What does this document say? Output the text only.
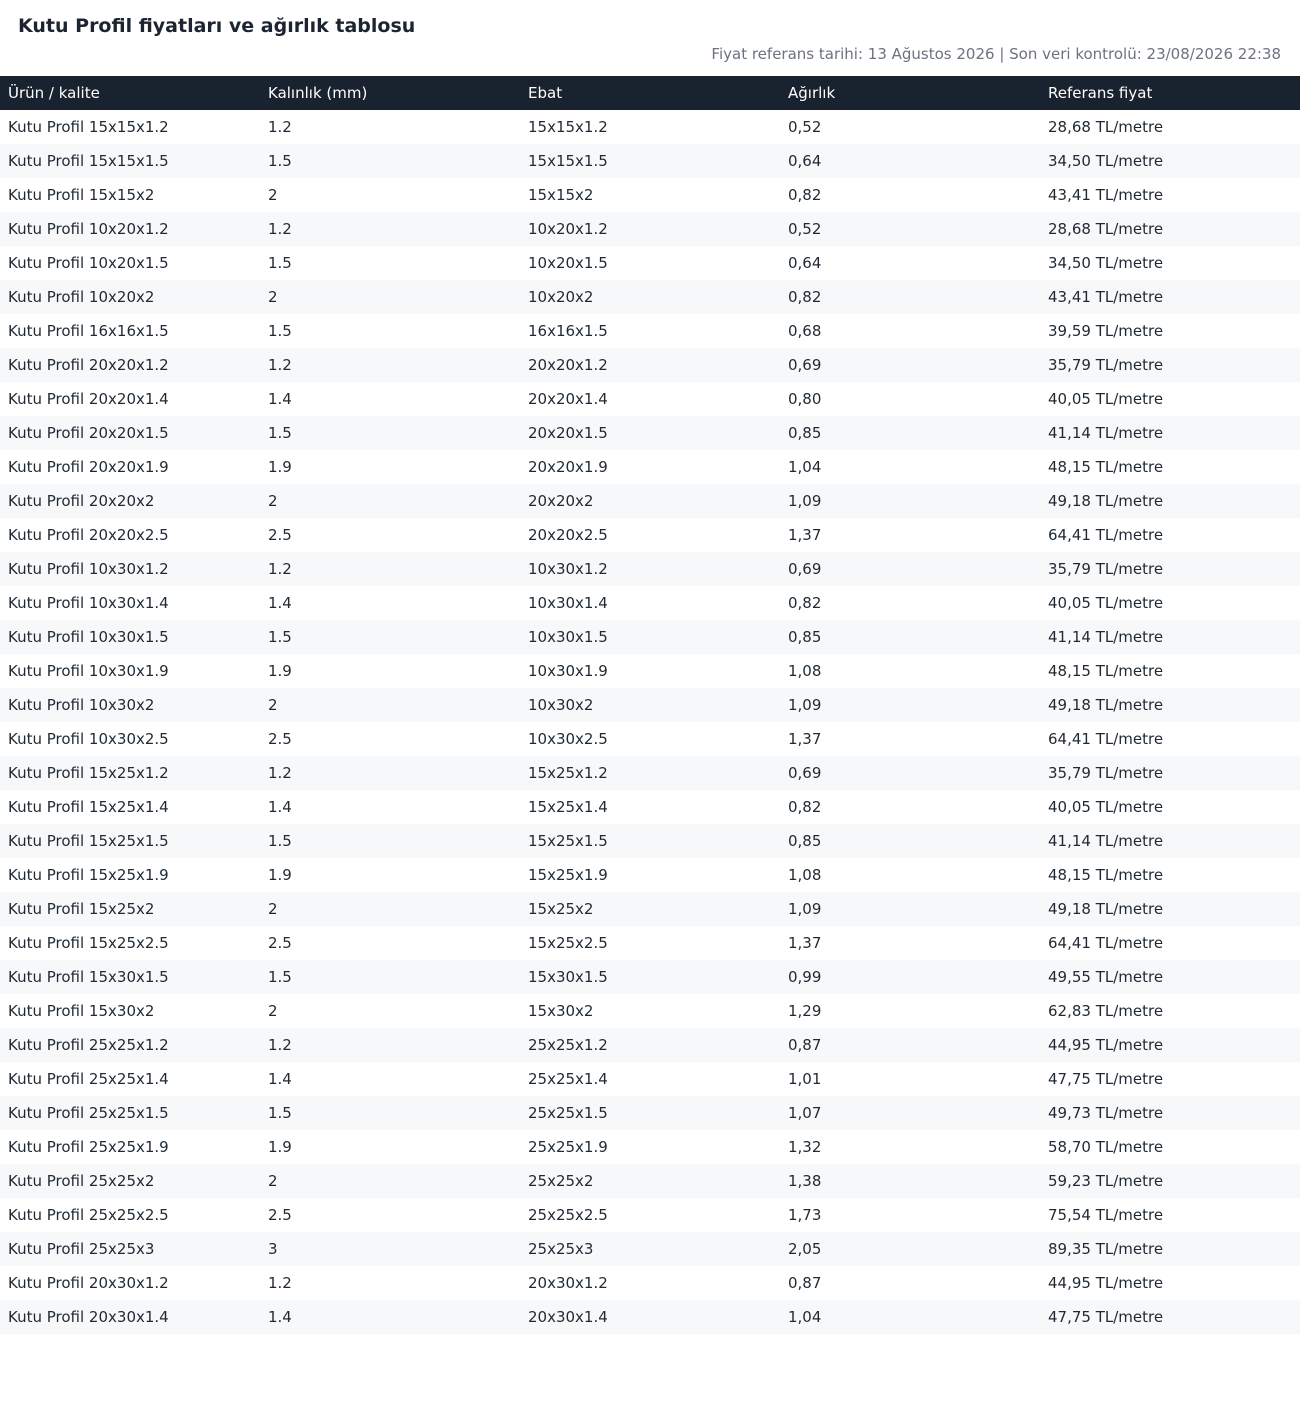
Kutu Profil fiyatları ve ağırlık tablosu
Fiyat referans tarihi: 13 Ağustos 2026 | Son veri kontrolü: 23/08/2026 22:38
Ürün / kalite	Kalınlık (mm)	Ebat	Ağırlık	Referans fiyat
Kutu Profil 15x15x1.2	1.2	15x15x1.2	0,52	28,68 TL/metre
Kutu Profil 15x15x1.5	1.5	15x15x1.5	0,64	34,50 TL/metre
Kutu Profil 15x15x2	2	15x15x2	0,82	43,41 TL/metre
Kutu Profil 10x20x1.2	1.2	10x20x1.2	0,52	28,68 TL/metre
Kutu Profil 10x20x1.5	1.5	10x20x1.5	0,64	34,50 TL/metre
Kutu Profil 10x20x2	2	10x20x2	0,82	43,41 TL/metre
Kutu Profil 16x16x1.5	1.5	16x16x1.5	0,68	39,59 TL/metre
Kutu Profil 20x20x1.2	1.2	20x20x1.2	0,69	35,79 TL/metre
Kutu Profil 20x20x1.4	1.4	20x20x1.4	0,80	40,05 TL/metre
Kutu Profil 20x20x1.5	1.5	20x20x1.5	0,85	41,14 TL/metre
Kutu Profil 20x20x1.9	1.9	20x20x1.9	1,04	48,15 TL/metre
Kutu Profil 20x20x2	2	20x20x2	1,09	49,18 TL/metre
Kutu Profil 20x20x2.5	2.5	20x20x2.5	1,37	64,41 TL/metre
Kutu Profil 10x30x1.2	1.2	10x30x1.2	0,69	35,79 TL/metre
Kutu Profil 10x30x1.4	1.4	10x30x1.4	0,82	40,05 TL/metre
Kutu Profil 10x30x1.5	1.5	10x30x1.5	0,85	41,14 TL/metre
Kutu Profil 10x30x1.9	1.9	10x30x1.9	1,08	48,15 TL/metre
Kutu Profil 10x30x2	2	10x30x2	1,09	49,18 TL/metre
Kutu Profil 10x30x2.5	2.5	10x30x2.5	1,37	64,41 TL/metre
Kutu Profil 15x25x1.2	1.2	15x25x1.2	0,69	35,79 TL/metre
Kutu Profil 15x25x1.4	1.4	15x25x1.4	0,82	40,05 TL/metre
Kutu Profil 15x25x1.5	1.5	15x25x1.5	0,85	41,14 TL/metre
Kutu Profil 15x25x1.9	1.9	15x25x1.9	1,08	48,15 TL/metre
Kutu Profil 15x25x2	2	15x25x2	1,09	49,18 TL/metre
Kutu Profil 15x25x2.5	2.5	15x25x2.5	1,37	64,41 TL/metre
Kutu Profil 15x30x1.5	1.5	15x30x1.5	0,99	49,55 TL/metre
Kutu Profil 15x30x2	2	15x30x2	1,29	62,83 TL/metre
Kutu Profil 25x25x1.2	1.2	25x25x1.2	0,87	44,95 TL/metre
Kutu Profil 25x25x1.4	1.4	25x25x1.4	1,01	47,75 TL/metre
Kutu Profil 25x25x1.5	1.5	25x25x1.5	1,07	49,73 TL/metre
Kutu Profil 25x25x1.9	1.9	25x25x1.9	1,32	58,70 TL/metre
Kutu Profil 25x25x2	2	25x25x2	1,38	59,23 TL/metre
Kutu Profil 25x25x2.5	2.5	25x25x2.5	1,73	75,54 TL/metre
Kutu Profil 25x25x3	3	25x25x3	2,05	89,35 TL/metre
Kutu Profil 20x30x1.2	1.2	20x30x1.2	0,87	44,95 TL/metre
Kutu Profil 20x30x1.4	1.4	20x30x1.4	1,04	47,75 TL/metre
